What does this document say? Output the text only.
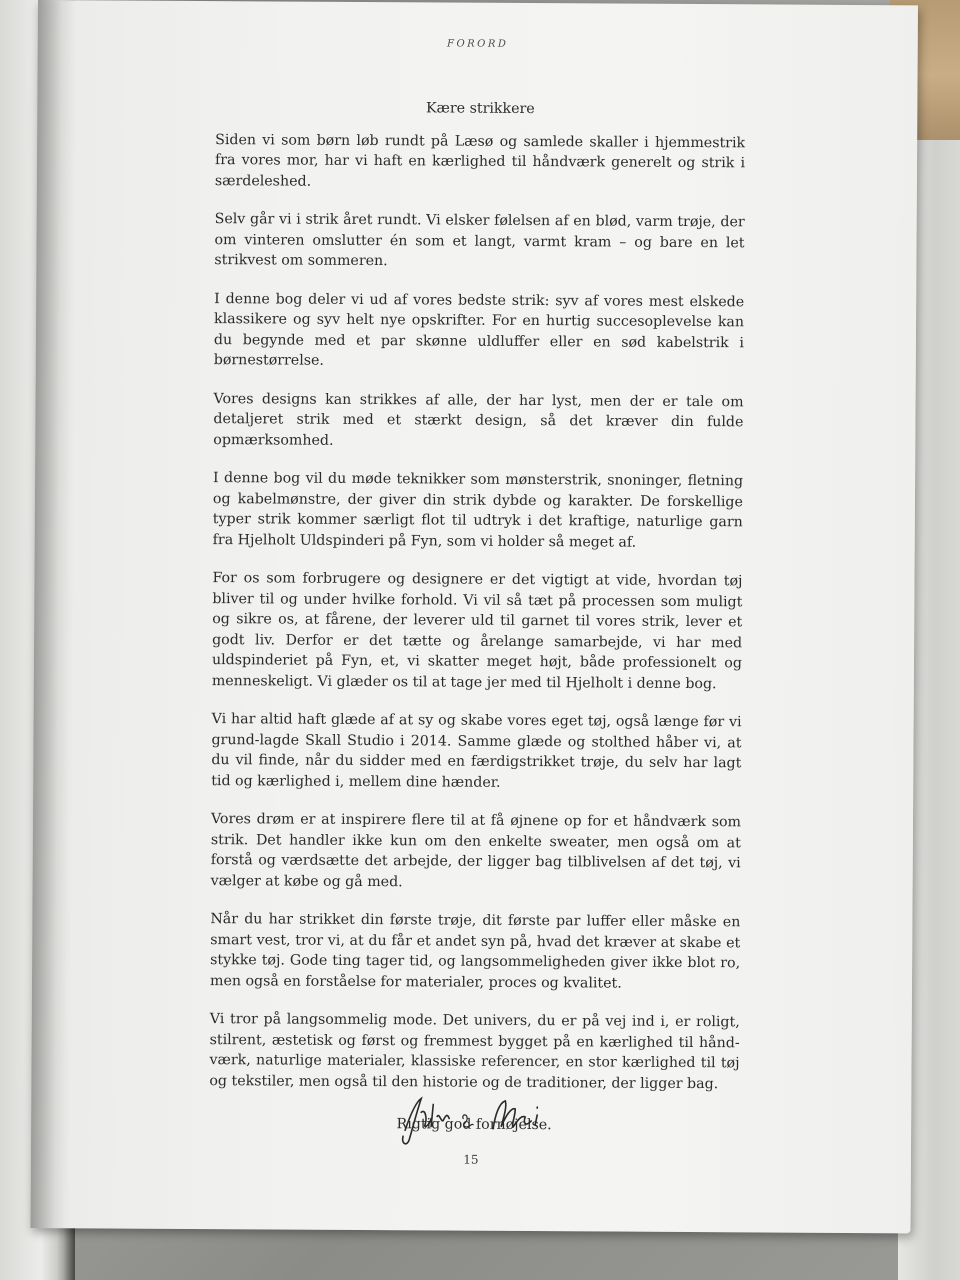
FORORD

Kære strikkere

Siden vi som børn løb rundt på Læsø og samlede skaller i hjemmestrik fra vores mor, har vi haft en kærlighed til håndværk generelt og strik i særdeleshed.

Selv går vi i strik året rundt. Vi elsker følelsen af en blød, varm trøje, der om vinteren omslutter én som et langt, varmt kram – og bare en let strikvest om sommeren.

I denne bog deler vi ud af vores bedste strik: syv af vores mest elskede klassikere og syv helt nye opskrifter. For en hurtig succesoplevelse kan du begynde med et par skønne uldluffer eller en sød kabelstrik i børnestørrelse.

Vores designs kan strikkes af alle, der har lyst, men der er tale om detaljeret strik med et stærkt design, så det kræver din fulde opmærksomhed.

I denne bog vil du møde teknikker som mønsterstrik, snoninger, fletning og kabelmønstre, der giver din strik dybde og karakter. De forskellige typer strik kommer særligt flot til udtryk i det kraftige, naturlige garn fra Hjelholt Uldspinderi på Fyn, som vi holder så meget af.

For os som forbrugere og designere er det vigtigt at vide, hvordan tøj bliver til og under hvilke forhold. Vi vil så tæt på processen som muligt og sikre os, at fårene, der leverer uld til garnet til vores strik, lever et godt liv. Derfor er det tætte og årelange samarbejde, vi har med uldspinderiet på Fyn, et, vi skatter meget højt, både professionelt og menneskeligt. Vi glæder os til at tage jer med til Hjelholt i denne bog.

Vi har altid haft glæde af at sy og skabe vores eget tøj, også længe før vi grund-lagde Skall Studio i 2014. Samme glæde og stolthed håber vi, at du vil finde, når du sidder med en færdigstrikket trøje, du selv har lagt tid og kærlighed i, mellem dine hænder.

Vores drøm er at inspirere flere til at få øjnene op for et håndværk som strik. Det handler ikke kun om den enkelte sweater, men også om at forstå og værdsætte det arbejde, der ligger bag tilblivelsen af det tøj, vi vælger at købe og gå med.

Når du har strikket din første trøje, dit første par luffer eller måske en smart vest, tror vi, at du får et andet syn på, hvad det kræver at skabe et stykke tøj. Gode ting tager tid, og langsommeligheden giver ikke blot ro, men også en forståelse for materialer, proces og kvalitet.

Vi tror på langsommelig mode. Det univers, du er på vej ind i, er roligt, stilrent, æstetisk og først og fremmest bygget på en kærlighed til hånd-værk, naturlige materialer, klassiske referencer, en stor kærlighed til tøj og tekstiler, men også til den historie og de traditioner, der ligger bag.

Rigtig god fornøjelse.

15
